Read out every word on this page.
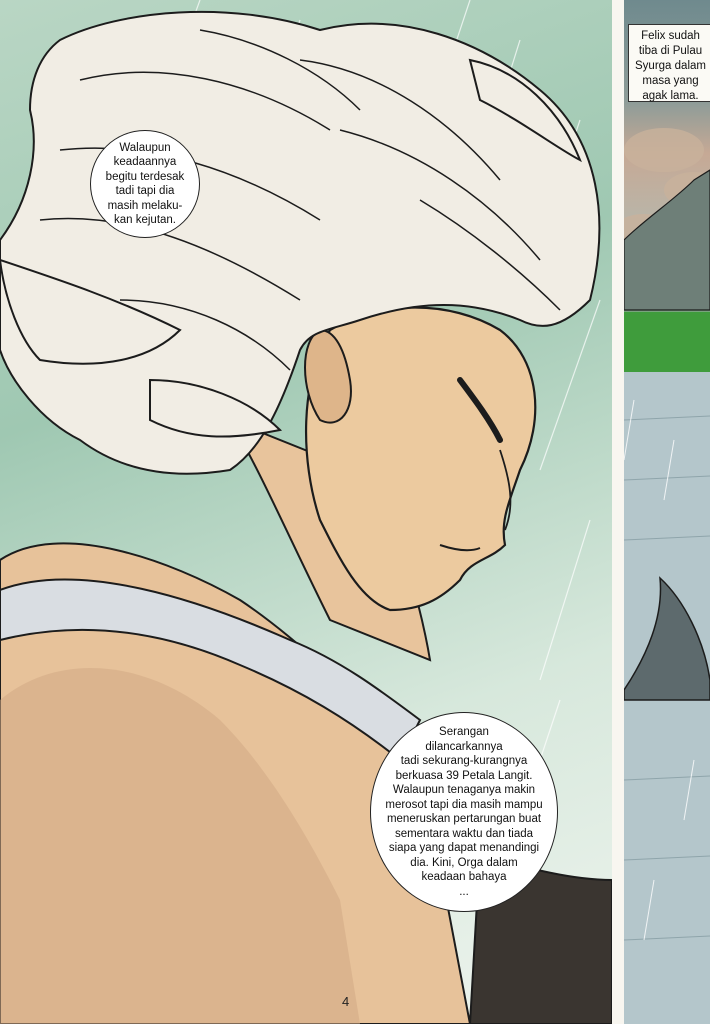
Walaupun
keadaannya
begitu terdesak
tadi tapi dia
masih melaku-
kan kejutan.
Serangan
dilancarkannya
tadi sekurang-kurangnya
berkuasa 39 Petala Langit.
Walaupun tenaganya makin
merosot tapi dia masih mampu
meneruskan pertarungan buat
sementara waktu dan tiada
siapa yang dapat menandingi
dia. Kini, Orga dalam
keadaan bahaya
...
4
Felix sudah
tiba di Pulau
Syurga dalam
masa yang
agak lama.
